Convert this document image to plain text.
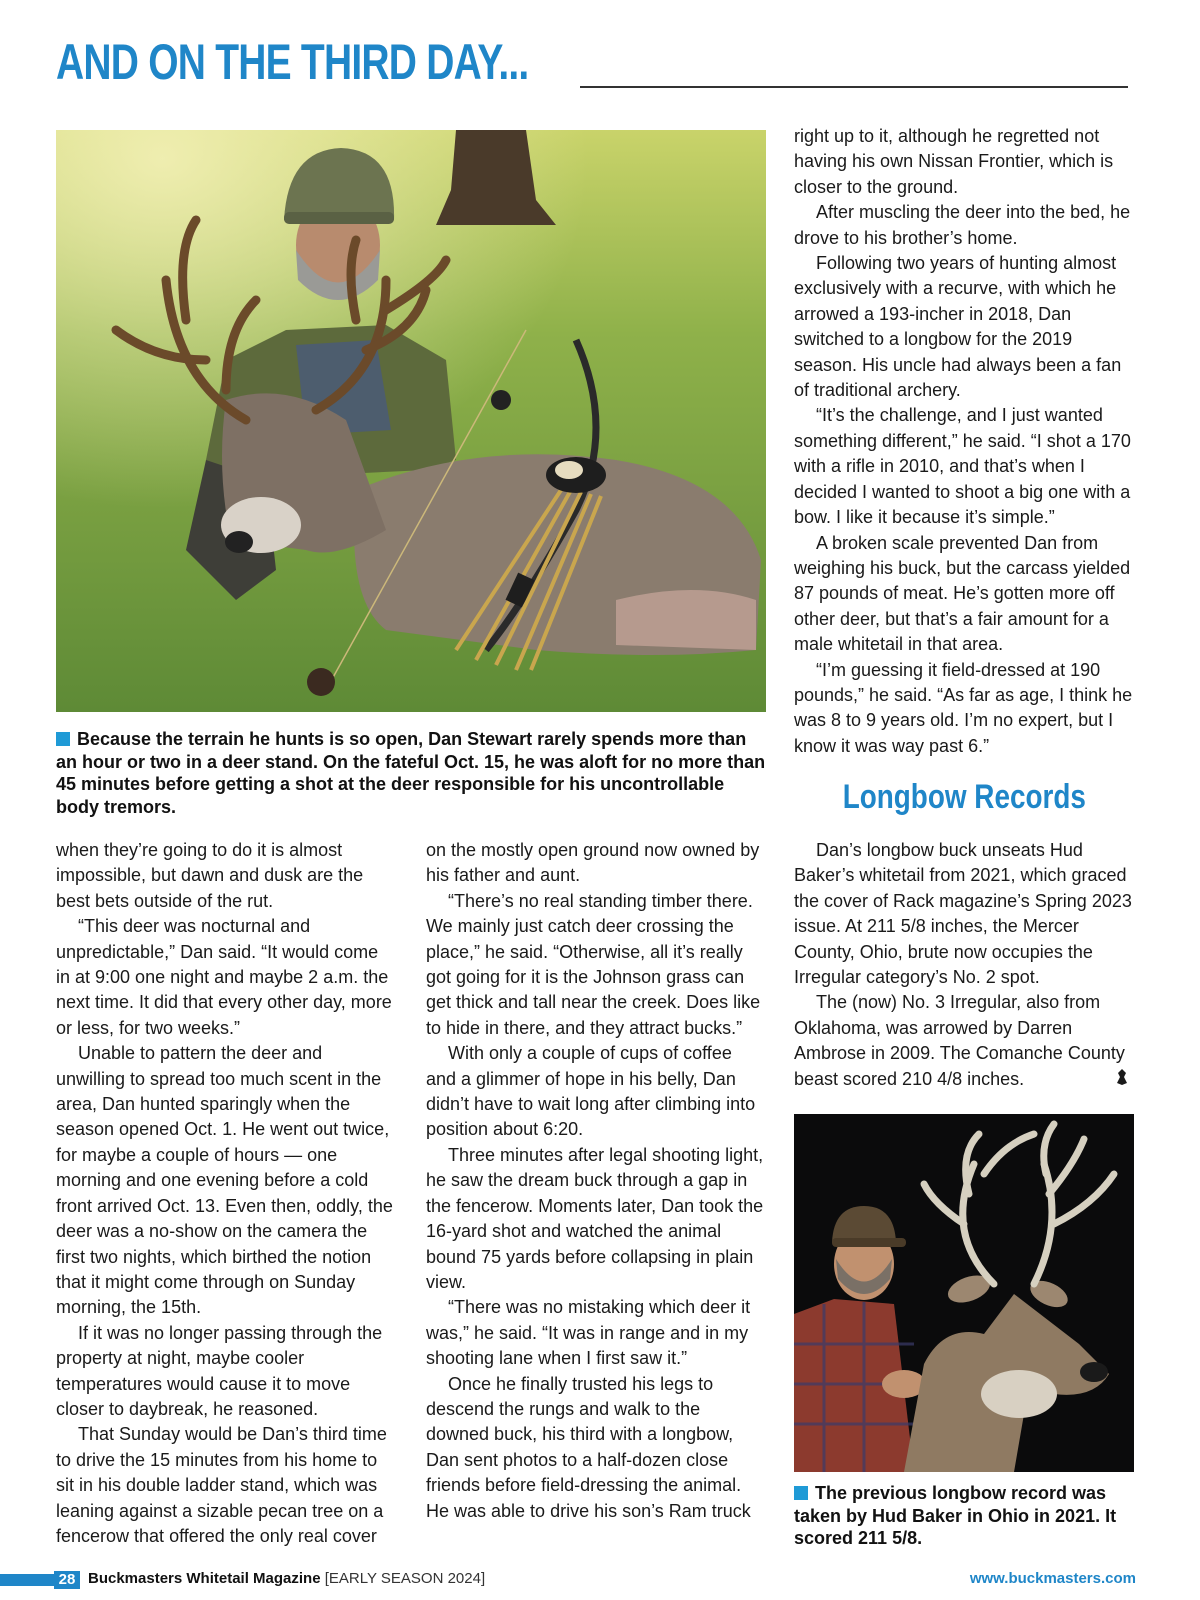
AND ON THE THIRD DAY...
Because the terrain he hunts is so open, Dan Stewart rarely spends more than an hour or two in a deer stand. On the fateful Oct. 15, he was aloft for no more than 45 minutes before getting a shot at the deer responsible for his uncontrollable body tremors.

when they’re going to do it is almost impossible, but dawn and dusk are the best bets outside of the rut.

“This deer was nocturnal and unpredictable,” Dan said. “It would come in at 9:00 one night and maybe 2 a.m. the next time. It did that every other day, more or less, for two weeks.”

Unable to pattern the deer and unwilling to spread too much scent in the area, Dan hunted sparingly when the season opened Oct. 1. He went out twice, for maybe a couple of hours — one morning and one evening before a cold front arrived Oct. 13. Even then, oddly, the deer was a no-show on the camera the first two nights, which birthed the notion that it might come through on Sunday morning, the 15th.

If it was no longer passing through the property at night, maybe cooler temperatures would cause it to move closer to daybreak, he reasoned.

That Sunday would be Dan’s third time to drive the 15 minutes from his home to sit in his double ladder stand, which was leaning against a sizable pecan tree on a fencerow that offered the only real cover

on the mostly open ground now owned by his father and aunt.

“There’s no real standing timber there. We mainly just catch deer crossing the place,” he said. “Otherwise, all it’s really got going for it is the Johnson grass can get thick and tall near the creek. Does like to hide in there, and they attract bucks.”

With only a couple of cups of coffee and a glimmer of hope in his belly, Dan didn’t have to wait long after climbing into position about 6:20.

Three minutes after legal shooting light, he saw the dream buck through a gap in the fencerow. Moments later, Dan took the 16-yard shot and watched the animal bound 75 yards before collapsing in plain view.

“There was no mistaking which deer it was,” he said. “It was in range and in my shooting lane when I first saw it.”

Once he finally trusted his legs to descend the rungs and walk to the downed buck, his third with a longbow, Dan sent photos to a half-dozen close friends before field-dressing the animal. He was able to drive his son’s Ram truck

right up to it, although he regretted not having his own Nissan Frontier, which is closer to the ground.

After muscling the deer into the bed, he drove to his brother’s home.

Following two years of hunting almost exclusively with a recurve, with which he arrowed a 193-incher in 2018, Dan switched to a longbow for the 2019 season. His uncle had always been a fan of traditional archery.

“It’s the challenge, and I just wanted something different,” he said. “I shot a 170 with a rifle in 2010, and that’s when I decided I wanted to shoot a big one with a bow. I like it because it’s simple.”

A broken scale prevented Dan from weighing his buck, but the carcass yielded 87 pounds of meat. He’s gotten more off other deer, but that’s a fair amount for a male whitetail in that area.

“I’m guessing it field-dressed at 190 pounds,” he said. “As far as age, I think he was 8 to 9 years old. I’m no expert, but I know it was way past 6.”

Longbow Records

Dan’s longbow buck unseats Hud Baker’s whitetail from 2021, which graced the cover of Rack magazine’s Spring 2023 issue. At 211 5/8 inches, the Mercer County, Ohio, brute now occupies the Irregular category’s No. 2 spot.

The (now) No. 3 Irregular, also from Oklahoma, was arrowed by Darren Ambrose in 2009. The Comanche County beast scored 210 4/8 inches.

The previous longbow record was taken by Hud Baker in Ohio in 2021. It scored 211 5/8.
28 Buckmasters Whitetail Magazine [EARLY SEASON 2024]	www.buckmasters.com
